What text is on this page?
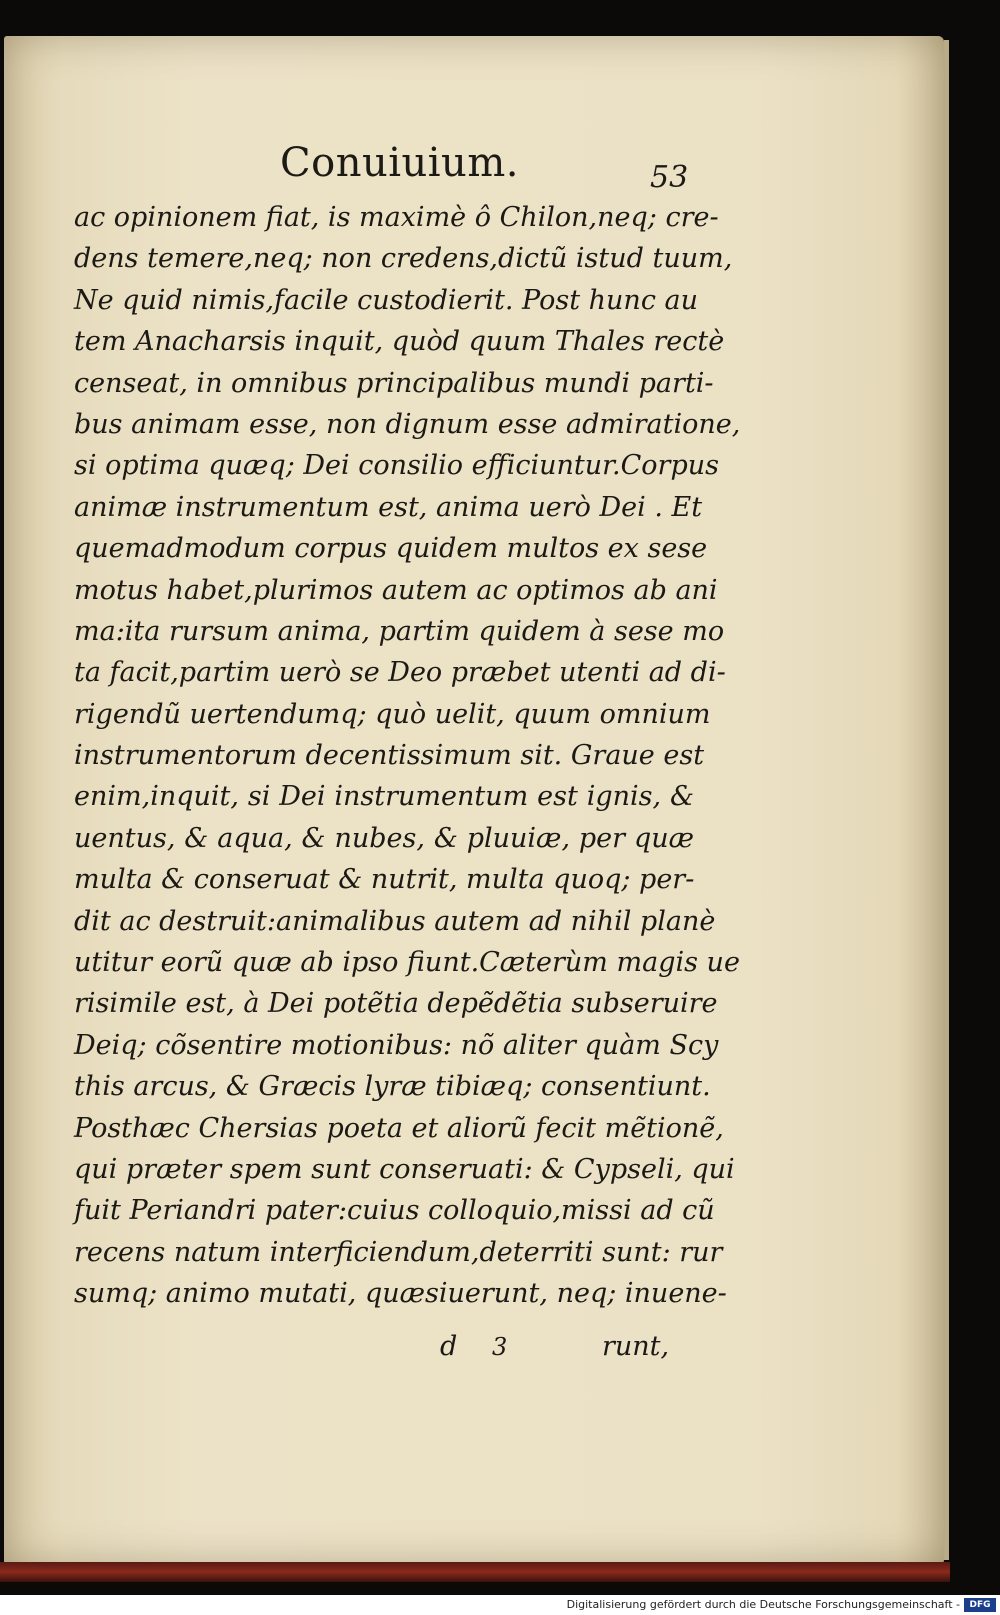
Conuiuium.	53
ac opinionem fiat, is maximè ô Chilon,neq; cre-
dens temere,neq; non credens,dictũ istud tuum,
Ne quid nimis,facile custodierit. Post hunc au
tem Anacharsis inquit, quòd quum Thales rectè
censeat, in omnibus principalibus mundi parti-
bus animam esse, non dignum esse admiratione,
si optima quæq; Dei consilio efficiuntur.Corpus
animæ instrumentum est, anima uerò Dei . Et
quemadmodum corpus quidem multos ex sese
motus habet,plurimos autem ac optimos ab ani
ma:ita rursum anima, partim quidem à sese mo
ta facit,partim uerò se Deo præbet utenti ad di-
rigendũ uertendumq; quò uelit, quum omnium
instrumentorum decentissimum sit. Graue est
enim,inquit, si Dei instrumentum est ignis, &
uentus, & aqua, & nubes, & pluuiæ, per quæ
multa & conseruat & nutrit, multa quoq; per-
dit ac destruit:animalibus autem ad nihil planè
utitur eorũ quæ ab ipso fiunt.Cæterùm magis ue
risimile est, à Dei potẽtia depẽdẽtia subseruire
Deiq; cõsentire motionibus: nõ aliter quàm Scy
this arcus, & Græcis lyræ tibiæq; consentiunt.
Posthæc Chersias poeta et aliorũ fecit mẽtionẽ,
qui præter spem sunt conseruati: & Cypseli, qui
fuit Periandri pater:cuius colloquio,missi ad cũ
recens natum interficiendum,deterriti sunt: rur
sumq; animo mutati, quæsiuerunt, neq; inuene-
d 3	runt,
Digitalisierung gefördert durch die Deutsche Forschungsgemeinschaft -	DFG
